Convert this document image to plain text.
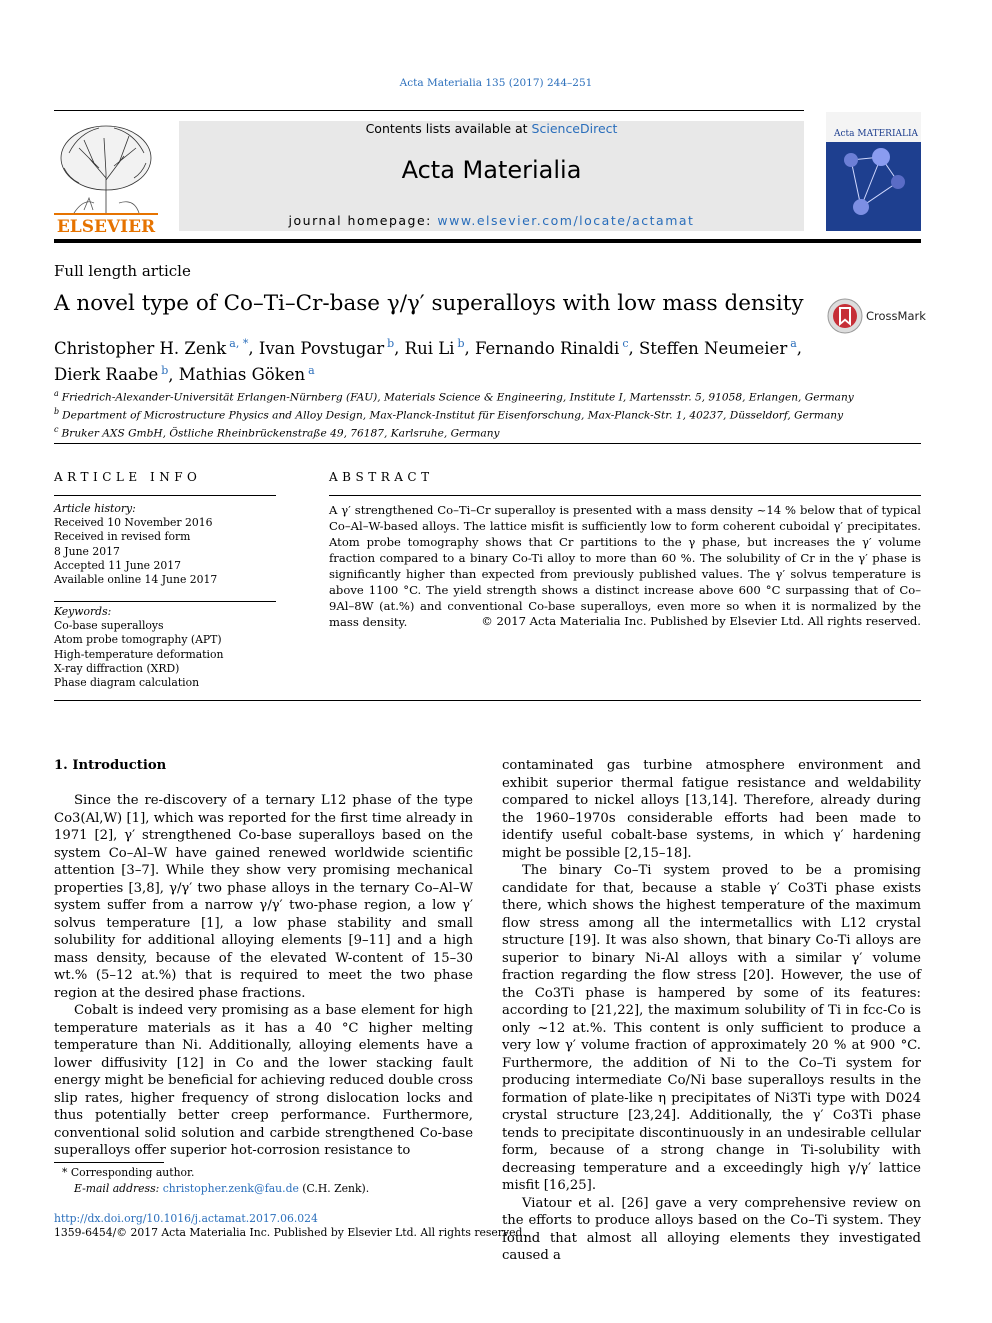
Acta Materialia 135 (2017) 244–251
ELSEVIER
Contents lists available at ScienceDirect
Acta Materialia
journal homepage: www.elsevier.com/locate/actamat
Acta MATERIALIA
Full length article
A novel type of Co–Ti–Cr-base γ/γ′ superalloys with low mass density	CrossMark
Christopher H. Zenk $^{a, *}$, Ivan Povstugar $^b$, Rui Li $^b$, Fernando Rinaldi $^c$, Steffen Neumeier $^a$,
Dierk Raabe $^b$, Mathias Göken $^a$
$^a$ Friedrich-Alexander-Universität Erlangen-Nürnberg (FAU), Materials Science & Engineering, Institute I, Martensstr. 5, 91058, Erlangen, Germany
$^b$ Department of Microstructure Physics and Alloy Design, Max-Planck-Institut für Eisenforschung, Max-Planck-Str. 1, 40237, Düsseldorf, Germany
$^c$ Bruker AXS GmbH, Östliche Rheinbrückenstraße 49, 76187, Karlsruhe, Germany
ARTICLE INFO	ABSTRACT
Article history:
Received 10 November 2016
Received in revised form
8 June 2017
Accepted 11 June 2017
Available online 14 June 2017
Keywords:
Co-base superalloys
Atom probe tomography (APT)
High-temperature deformation
X-ray diffraction (XRD)
Phase diagram calculation
A γ′ strengthened Co–Ti–Cr superalloy is presented with a mass density ~14 % below that of typical Co–Al–W-based alloys. The lattice misfit is sufficiently low to form coherent cuboidal γ′ precipitates. Atom probe tomography shows that Cr partitions to the γ phase, but increases the γ′ volume fraction compared to a binary Co-Ti alloy to more than 60 %. The solubility of Cr in the γ′ phase is significantly higher than expected from previously published values. The γ′ solvus temperature is above 1100 °C. The yield strength shows a distinct increase above 600 °C surpassing that of Co–9Al–8W (at.%) and conventional Co-base superalloys, even more so when it is normalized by the mass density.	© 2017 Acta Materialia Inc. Published by Elsevier Ltd. All rights reserved.
1. Introduction

Since the re-discovery of a ternary L12 phase of the type Co3(Al,W) [1], which was reported for the first time already in 1971 [2], γ′ strengthened Co-base superalloys based on the system Co–Al–W have gained renewed worldwide scientific attention [3–7]. While they show very promising mechanical properties [3,8], γ/γ′ two phase alloys in the ternary Co–Al–W system suffer from a narrow γ/γ′ two-phase region, a low γ′ solvus temperature [1], a low phase stability and small solubility for additional alloying elements [9–11] and a high mass density, because of the elevated W-content of 15–30 wt.% (5–12 at.%) that is required to meet the two phase region at the desired phase fractions.

Cobalt is indeed very promising as a base element for high temperature materials as it has a 40 °C higher melting temperature than Ni. Additionally, alloying elements have a lower diffusivity [12] in Co and the lower stacking fault energy might be beneficial for achieving reduced double cross slip rates, higher frequency of strong dislocation locks and thus potentially better creep performance. Furthermore, conventional solid solution and carbide strengthened Co-base superalloys offer superior hot-corrosion resistance to

contaminated gas turbine atmosphere environment and exhibit superior thermal fatigue resistance and weldability compared to nickel alloys [13,14]. Therefore, already during the 1960–1970s considerable efforts had been made to identify useful cobalt-base systems, in which γ′ hardening might be possible [2,15–18].

The binary Co–Ti system proved to be a promising candidate for that, because a stable γ′ Co3Ti phase exists there, which shows the highest temperature of the maximum flow stress among all the intermetallics with L12 crystal structure [19]. It was also shown, that binary Co-Ti alloys are superior to binary Ni-Al alloys with a similar γ′ volume fraction regarding the flow stress [20]. However, the use of the Co3Ti phase is hampered by some of its features: according to [21,22], the maximum solubility of Ti in fcc-Co is only ~12 at.%. This content is only sufficient to produce a very low γ′ volume fraction of approximately 20 % at 900 °C. Furthermore, the addition of Ni to the Co–Ti system for producing intermediate Co/Ni base superalloys results in the formation of plate-like η precipitates of Ni3Ti type with D024 crystal structure [23,24]. Additionally, the γ′ Co3Ti phase tends to precipitate discontinuously in an undesirable cellular form, because of a strong change in Ti-solubility with decreasing temperature and a exceedingly high γ/γ′ lattice misfit [16,25].

Viatour et al. [26] gave a very comprehensive review on the efforts to produce alloys based on the Co–Ti system. They found that almost all alloying elements they investigated caused a

* Corresponding author.
E-mail address: christopher.zenk@fau.de (C.H. Zenk).
http://dx.doi.org/10.1016/j.actamat.2017.06.024
1359-6454/© 2017 Acta Materialia Inc. Published by Elsevier Ltd. All rights reserved.
